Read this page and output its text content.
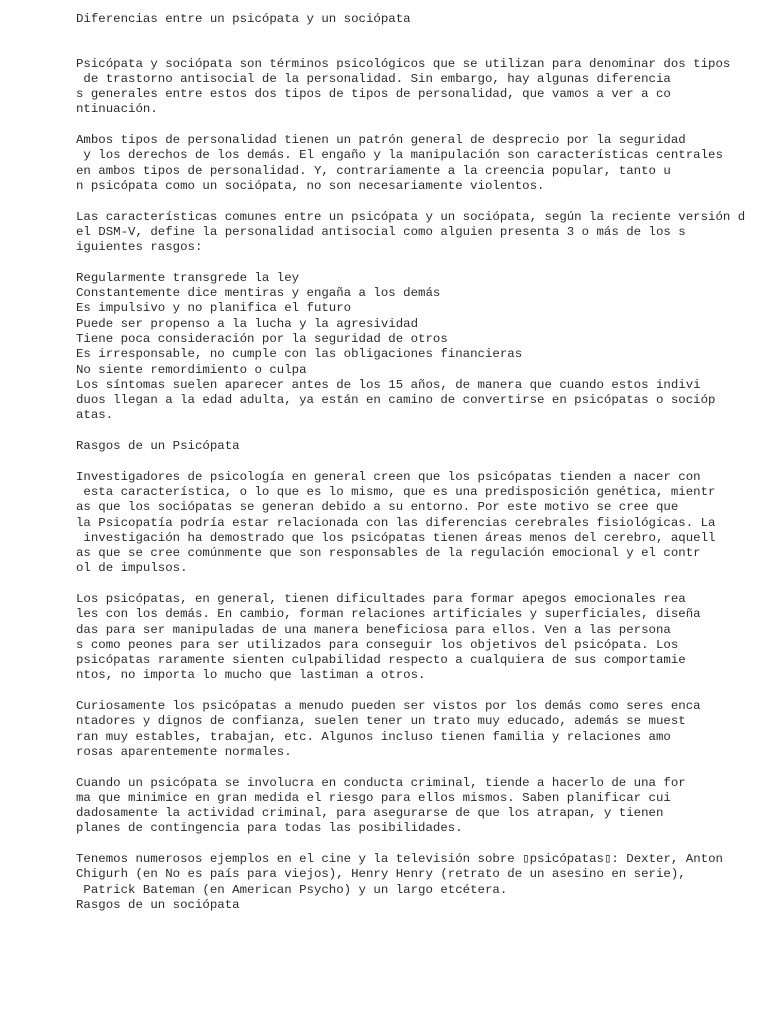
Diferencias entre un psicópata y un sociópata
Psicópata y sociópata son términos psicológicos que se utilizan para denominar dos tipos
de trastorno antisocial de la personalidad. Sin embargo, hay algunas diferencia
s generales entre estos dos tipos de tipos de personalidad, que vamos a ver a co
ntinuación.
Ambos tipos de personalidad tienen un patrón general de desprecio por la seguridad
y los derechos de los demás. El engaño y la manipulación son características centrales
en ambos tipos de personalidad. Y, contrariamente a la creencia popular, tanto u
n psicópata como un sociópata, no son necesariamente violentos.
Las características comunes entre un psicópata y un sociópata, según la reciente versión d
el DSM-V, define la personalidad antisocial como alguien presenta 3 o más de los s
iguientes rasgos:
Regularmente transgrede la ley
Constantemente dice mentiras y engaña a los demás
Es impulsivo y no planifica el futuro
Puede ser propenso a la lucha y la agresividad
Tiene poca consideración por la seguridad de otros
Es irresponsable, no cumple con las obligaciones financieras
No siente remordimiento o culpa
Los síntomas suelen aparecer antes de los 15 años, de manera que cuando estos indivi
duos llegan a la edad adulta, ya están en camino de convertirse en psicópatas o socióp
atas.
Rasgos de un Psicópata
Investigadores de psicología en general creen que los psicópatas tienden a nacer con
esta característica, o lo que es lo mismo, que es una predisposición genética, mientr
as que los sociópatas se generan debido a su entorno. Por este motivo se cree que
la Psicopatía podría estar relacionada con las diferencias cerebrales fisiológicas. La
investigación ha demostrado que los psicópatas tienen áreas menos del cerebro, aquell
as que se cree comúnmente que son responsables de la regulación emocional y el contr
ol de impulsos.
Los psicópatas, en general, tienen dificultades para formar apegos emocionales rea
les con los demás. En cambio, forman relaciones artificiales y superficiales, diseña
das para ser manipuladas de una manera beneficiosa para ellos. Ven a las persona
s como peones para ser utilizados para conseguir los objetivos del psicópata. Los
psicópatas raramente sienten culpabilidad respecto a cualquiera de sus comportamie
ntos, no importa lo mucho que lastiman a otros.
Curiosamente los psicópatas a menudo pueden ser vistos por los demás como seres enca
ntadores y dignos de confianza, suelen tener un trato muy educado, además se muest
ran muy estables, trabajan, etc. Algunos incluso tienen familia y relaciones amo
rosas aparentemente normales.
Cuando un psicópata se involucra en conducta criminal, tiende a hacerlo de una for
ma que minimice en gran medida el riesgo para ellos mismos. Saben planificar cui
dadosamente la actividad criminal, para asegurarse de que los atrapan, y tienen
planes de contingencia para todas las posibilidades.
Tenemos numerosos ejemplos en el cine y la televisión sobre ▯psicópatas▯: Dexter, Anton
Chigurh (en No es país para viejos), Henry Henry (retrato de un asesino en serie),
Patrick Bateman (en American Psycho) y un largo etcétera.
Rasgos de un sociópata
